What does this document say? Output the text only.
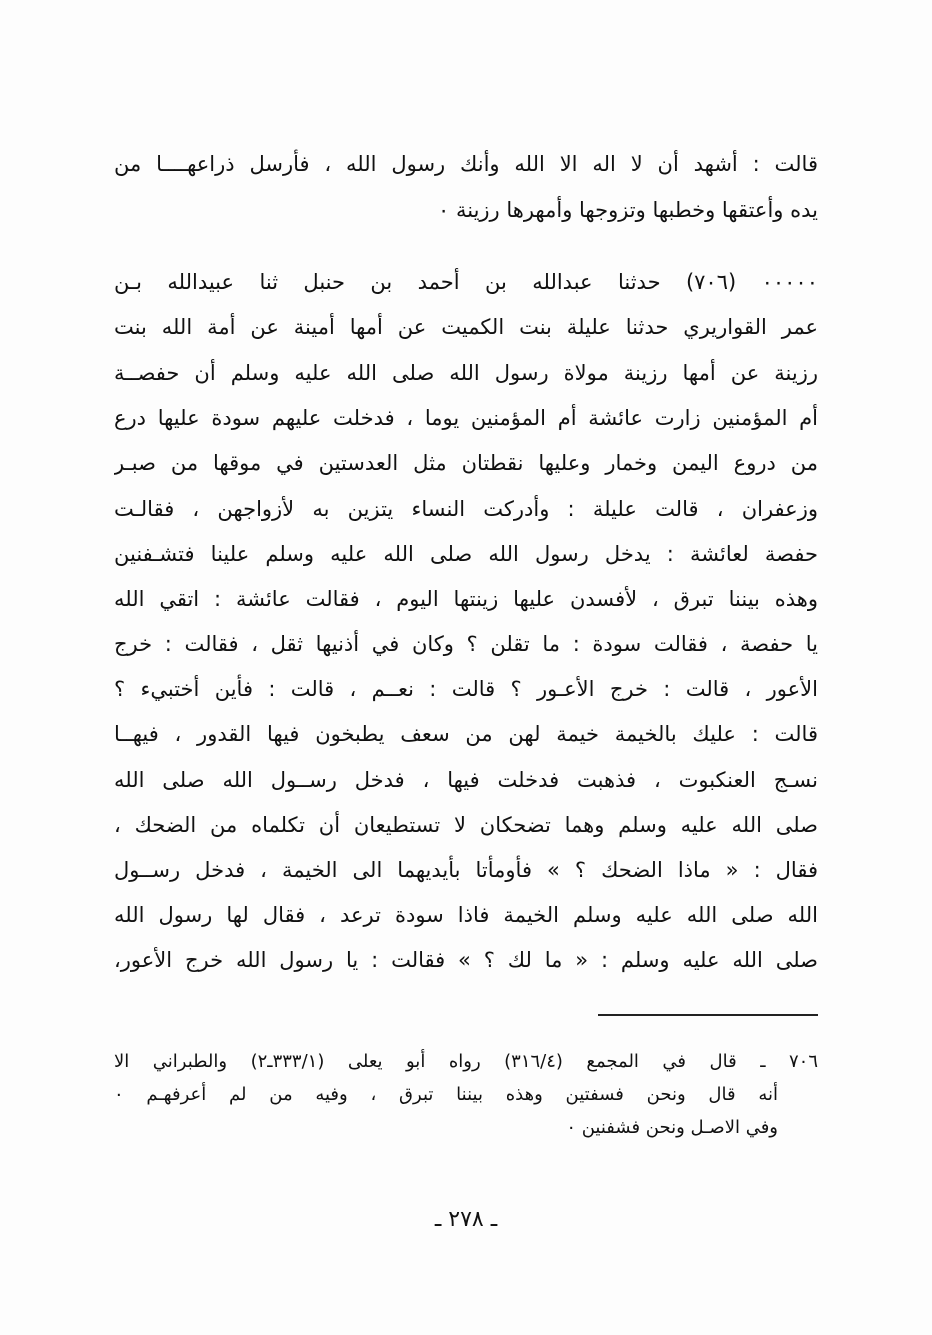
قالت : أشهد أن لا اله الا الله وأنك رسول الله ، فأرسل ذراعهــــا من
يده وأعتقها وخطبها وتزوجها وأمهرها رزينة ٠
٠٠٠٠٠ (٧٠٦) حدثنا عبدالله بن أحمد بن حنبل ثنا عبيدالله بـن
عمر القواريري حدثنا عليلة بنت الكميت عن أمها أمينة عن أمة الله بنت
رزينة عن أمها رزينة مولاة رسول الله صلى الله عليه وسلم أن حفصــة
أم المؤمنين زارت عائشة أم المؤمنين يوما ، فدخلت عليهم سودة عليها درع
من دروع اليمن وخمار وعليها نقطتان مثل العدستين في موقها من صبـر
وزعفران ، قالت عليلة : وأدركت النساء يتزين به لأزواجهن ، فقالـت
حفصة لعائشة : يدخل رسول الله صلى الله عليه وسلم علينا فتشـفنين
وهذه بيننا تبرق ، لأفسدن عليها زينتها اليوم ، فقالت عائشة : اتقي الله
يا حفصة ، فقالت سودة : ما تقلن ؟ وكان في أذنيها ثقل ، فقالت : خرج
الأعور ، قالت : خرج الأعـور ؟ قالت : نعــم ، قالت : فأين أختبيء ؟
قالت : عليك بالخيمة خيمة لهن من سعف يطبخون فيها القدور ، فيهــا
نسـج العنكبوت ، فذهبت فدخلت فيها ، فدخل رســول الله صلى الله
صلى الله عليه وسلم وهما تضحكان لا تستطيعان أن تكلماه من الضحك ،
فقال : « ماذا الضحك ؟ » فأومأتا بأيديهما الى الخيمة ، فدخل رســول
الله صلى الله عليه وسلم الخيمة فاذا سودة ترعد ، فقال لها رسول الله
صلى الله عليه وسلم : « ما لك ؟ » فقالت : يا رسول الله خرج الأعور،
٧٠٦ ـ قال في المجمع (٣١٦/٤) رواه أبو يعلى (٣٣٣/١ـ٢) والطبراني الا
أنه قال ونحن فسفتين وهذه بيننا تبرق ، وفيه من لم أعرفهـم ٠
وفي الاصـل ونحن فشفنين ٠
ـ ٢٧٨ ـ
